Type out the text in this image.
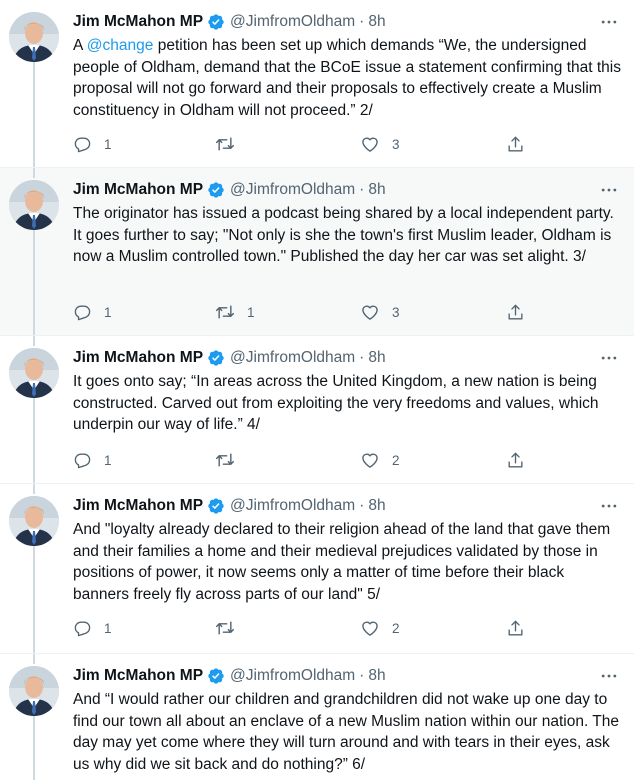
Jim McMahon MP @JimfromOldham · 8h
A @change petition has been set up which demands “We, the undersigned people of Oldham, demand that the BCoE issue a statement confirming that this proposal will not go forward and their proposals to effectively create a Muslim constituency in Oldham will not proceed.” 2/
1	3
Jim McMahon MP @JimfromOldham · 8h
The originator has issued a podcast being shared by a local independent party. It goes further to say; "Not only is she the town's first Muslim leader, Oldham is now a Muslim controlled town." Published the day her car was set alight. 3/
1	1	3
Jim McMahon MP @JimfromOldham · 8h
It goes onto say; “In areas across the United Kingdom, a new nation is being constructed. Carved out from exploiting the very freedoms and values, which underpin our way of life.” 4/
1	2
Jim McMahon MP @JimfromOldham · 8h
And "loyalty already declared to their religion ahead of the land that gave them and their families a home and their medieval prejudices validated by those in positions of power, it now seems only a matter of time before their black banners freely fly across parts of our land" 5/
1	2
Jim McMahon MP @JimfromOldham · 8h
And “I would rather our children and grandchildren did not wake up one day to find our town all about an enclave of a new Muslim nation within our nation. The day may yet come where they will turn around and with tears in their eyes, ask us why did we sit back and do nothing?” 6/
